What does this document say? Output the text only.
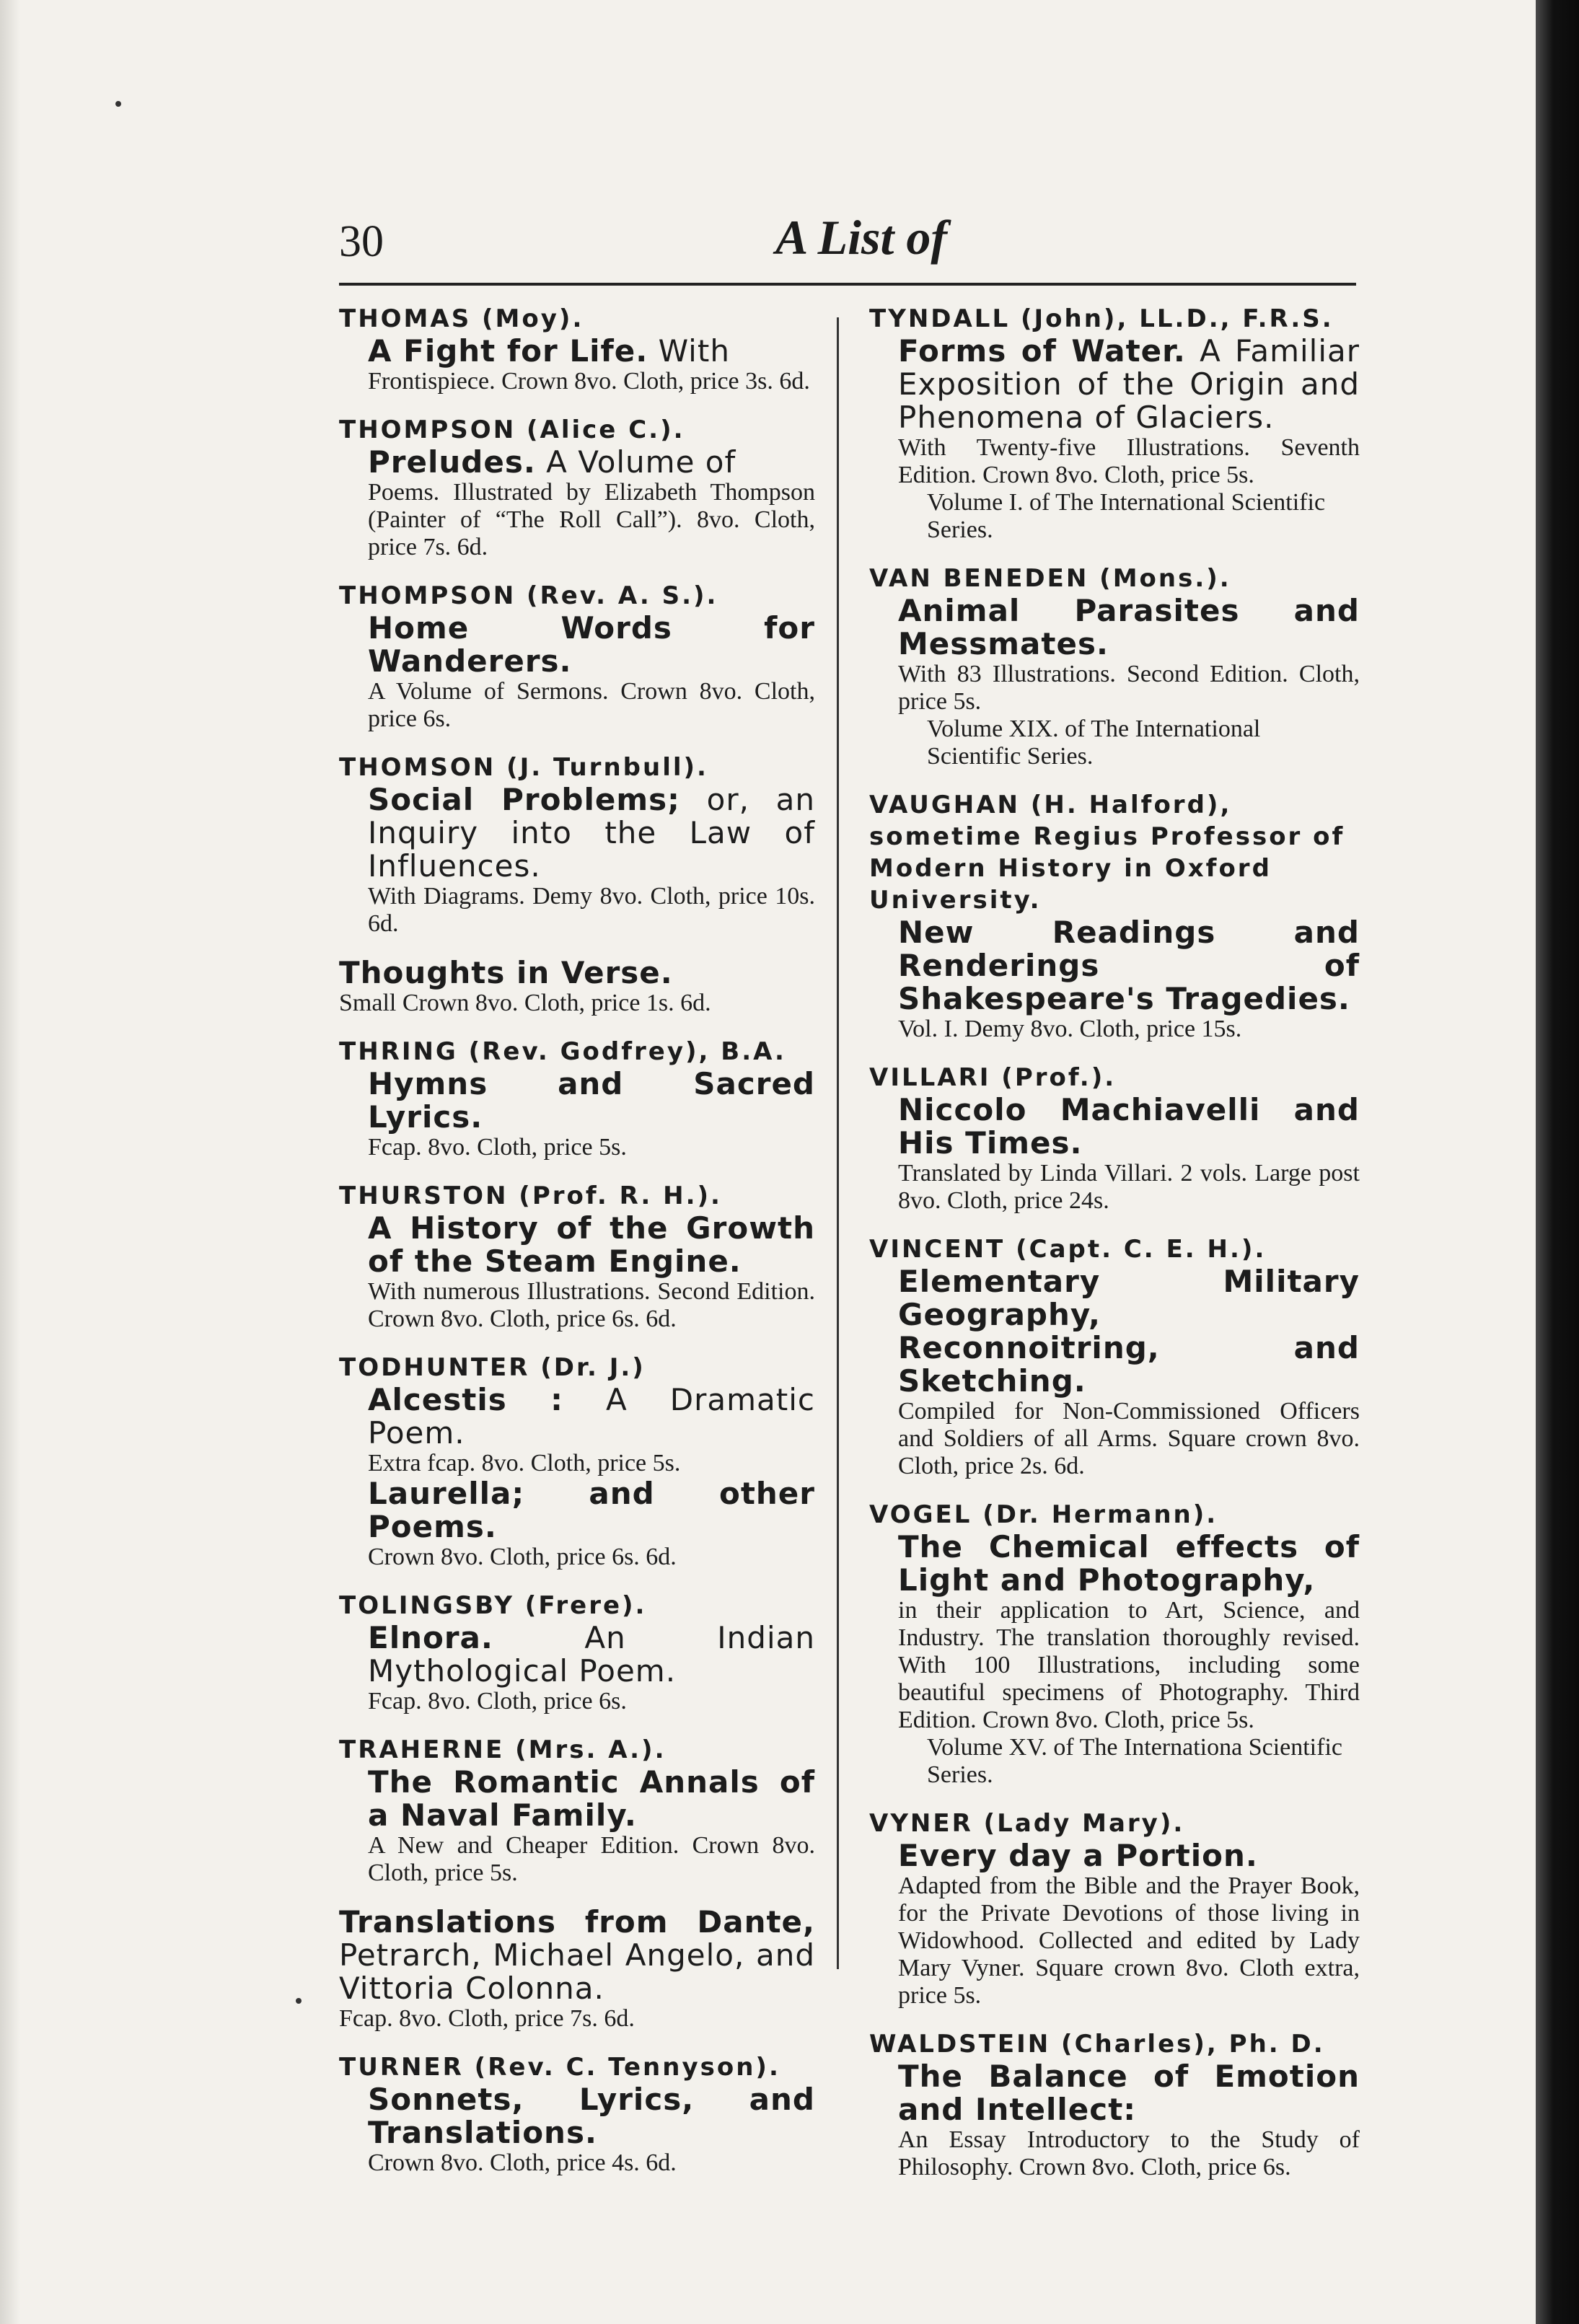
30	A List of
THOMAS (Moy).
A Fight for Life. With
Frontispiece. Crown 8vo. Cloth, price 3s. 6d.
THOMPSON (Alice C.).
Preludes. A Volume of
Poems. Illustrated by Elizabeth Thompson (Painter of “The Roll Call”). 8vo. Cloth, price 7s. 6d.
THOMPSON (Rev. A. S.).
Home Words for Wanderers.
A Volume of Sermons. Crown 8vo. Cloth, price 6s.
THOMSON (J. Turnbull).
Social Problems; or, an Inquiry into the Law of Influences.
With Diagrams. Demy 8vo. Cloth, price 10s. 6d.
Thoughts in Verse.
Small Crown 8vo. Cloth, price 1s. 6d.
THRING (Rev. Godfrey), B.A.
Hymns and Sacred Lyrics.
Fcap. 8vo. Cloth, price 5s.
THURSTON (Prof. R. H.).
A History of the Growth of the Steam Engine.
With numerous Illustrations. Second Edition. Crown 8vo. Cloth, price 6s. 6d.
TODHUNTER (Dr. J.)
Alcestis : A Dramatic Poem.
Extra fcap. 8vo. Cloth, price 5s.
Laurella; and other Poems.
Crown 8vo. Cloth, price 6s. 6d.
TOLINGSBY (Frere).
Elnora.	An Indian Mythological Poem.
Fcap. 8vo. Cloth, price 6s.
TRAHERNE (Mrs. A.).
The Romantic Annals of a Naval Family.
A New and Cheaper Edition. Crown 8vo. Cloth, price 5s.
Translations from Dante, Petrarch, Michael Angelo, and Vittoria Colonna.
Fcap. 8vo. Cloth, price 7s. 6d.
TURNER (Rev. C. Tennyson).
Sonnets, Lyrics, and Translations.
Crown 8vo. Cloth, price 4s. 6d.
TYNDALL (John), LL.D., F.R.S.
Forms of Water. A Familiar Exposition of the Origin and Phenomena of Glaciers.
With Twenty-five Illustrations. Seventh Edition. Crown 8vo. Cloth, price 5s.
Volume I. of The International Scientific Series.
VAN BENEDEN (Mons.).
Animal Parasites and Messmates.
With 83 Illustrations. Second Edition. Cloth, price 5s.
Volume XIX. of The International Scientific Series.
VAUGHAN (H. Halford), sometime Regius Professor of Modern History in Oxford University.
New Readings and Renderings of Shakespeare's Tragedies.
Vol. I. Demy 8vo. Cloth, price 15s.
VILLARI (Prof.).
Niccolo Machiavelli and His Times.
Translated by Linda Villari. 2 vols. Large post 8vo. Cloth, price 24s.
VINCENT (Capt. C. E. H.).
Elementary Military Geography, Reconnoitring, and Sketching.
Compiled for Non-Commissioned Officers and Soldiers of all Arms. Square crown 8vo. Cloth, price 2s. 6d.
VOGEL (Dr. Hermann).
The Chemical effects of Light and Photography,
in their application to Art, Science, and Industry. The translation thoroughly revised. With 100 Illustrations, including some beautiful specimens of Photography. Third Edition. Crown 8vo. Cloth, price 5s.
Volume XV. of The Internationa Scientific Series.
VYNER (Lady Mary).
Every day a Portion.
Adapted from the Bible and the Prayer Book, for the Private Devotions of those living in Widowhood. Collected and edited by Lady Mary Vyner. Square crown 8vo. Cloth extra, price 5s.
WALDSTEIN (Charles), Ph. D.
The Balance of Emotion and Intellect:
An Essay Introductory to the Study of Philosophy. Crown 8vo. Cloth, price 6s.
